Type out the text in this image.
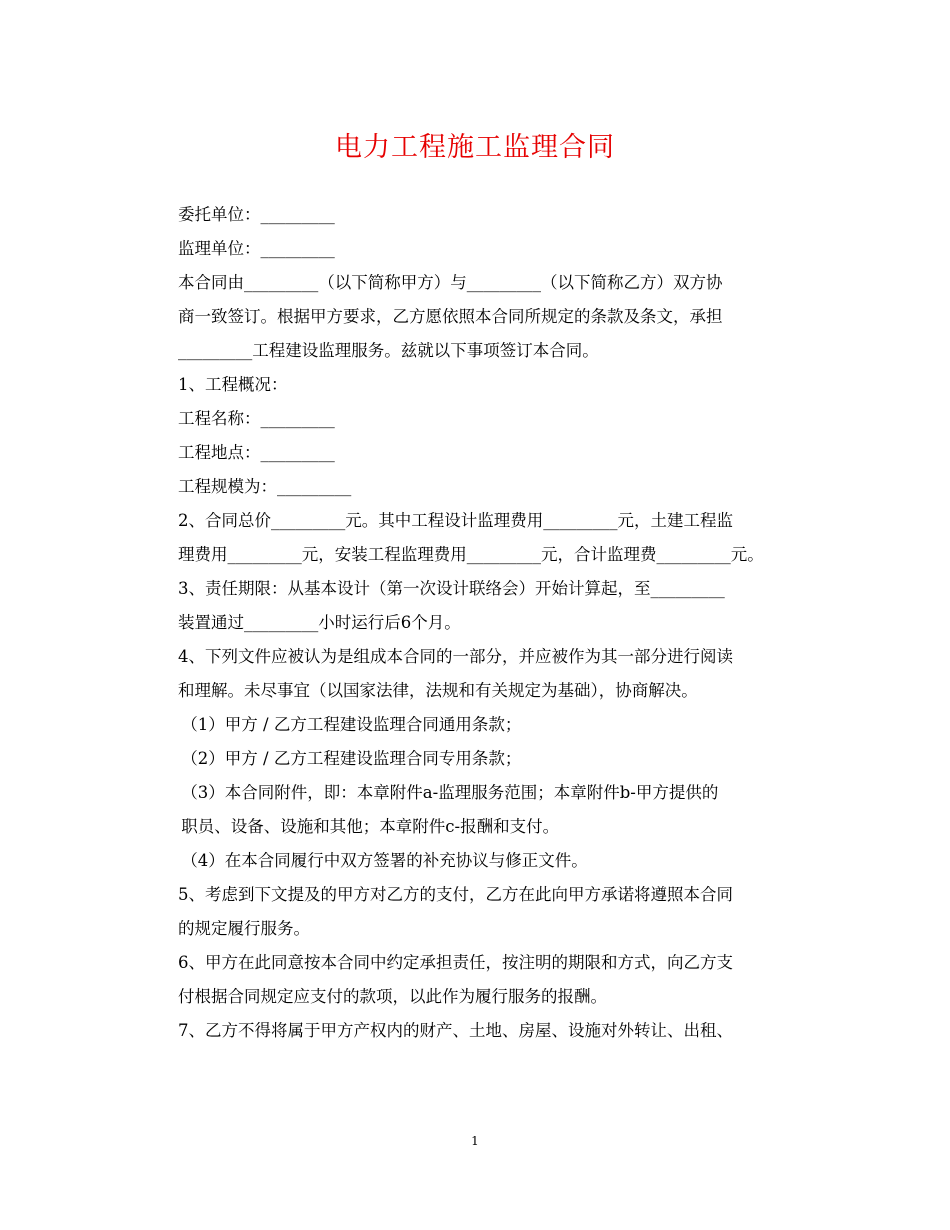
电力工程施工监理合同

委托单位：_________

监理单位：_________

本合同由_________（以下简称甲方）与_________（以下简称乙方）双方协
商一致签订。根据甲方要求，乙方愿依照本合同所规定的条款及条文，承担
_________工程建设监理服务。兹就以下事项签订本合同。

1、工程概况：

工程名称：_________

工程地点：_________

工程规模为：_________

2、合同总价_________元。其中工程设计监理费用_________元，土建工程监
理费用_________元，安装工程监理费用_________元，合计监理费_________元。

3、责任期限：从基本设计（第一次设计联络会）开始计算起，至_________
装置通过_________小时运行后6个月。

4、下列文件应被认为是组成本合同的一部分，并应被作为其一部分进行阅读
和理解。未尽事宜（以国家法律，法规和有关规定为基础），协商解决。

（1）甲方 / 乙方工程建设监理合同通用条款；

（2）甲方 / 乙方工程建设监理合同专用条款；

（3）本合同附件，即：本章附件a-监理服务范围；本章附件b-甲方提供的
职员、设备、设施和其他；本章附件c-报酬和支付。

（4）在本合同履行中双方签署的补充协议与修正文件。

5、考虑到下文提及的甲方对乙方的支付，乙方在此向甲方承诺将遵照本合同
的规定履行服务。

6、甲方在此同意按本合同中约定承担责任，按注明的期限和方式，向乙方支
付根据合同规定应支付的款项，以此作为履行服务的报酬。

7、乙方不得将属于甲方产权内的财产、土地、房屋、设施对外转让、出租、

1
